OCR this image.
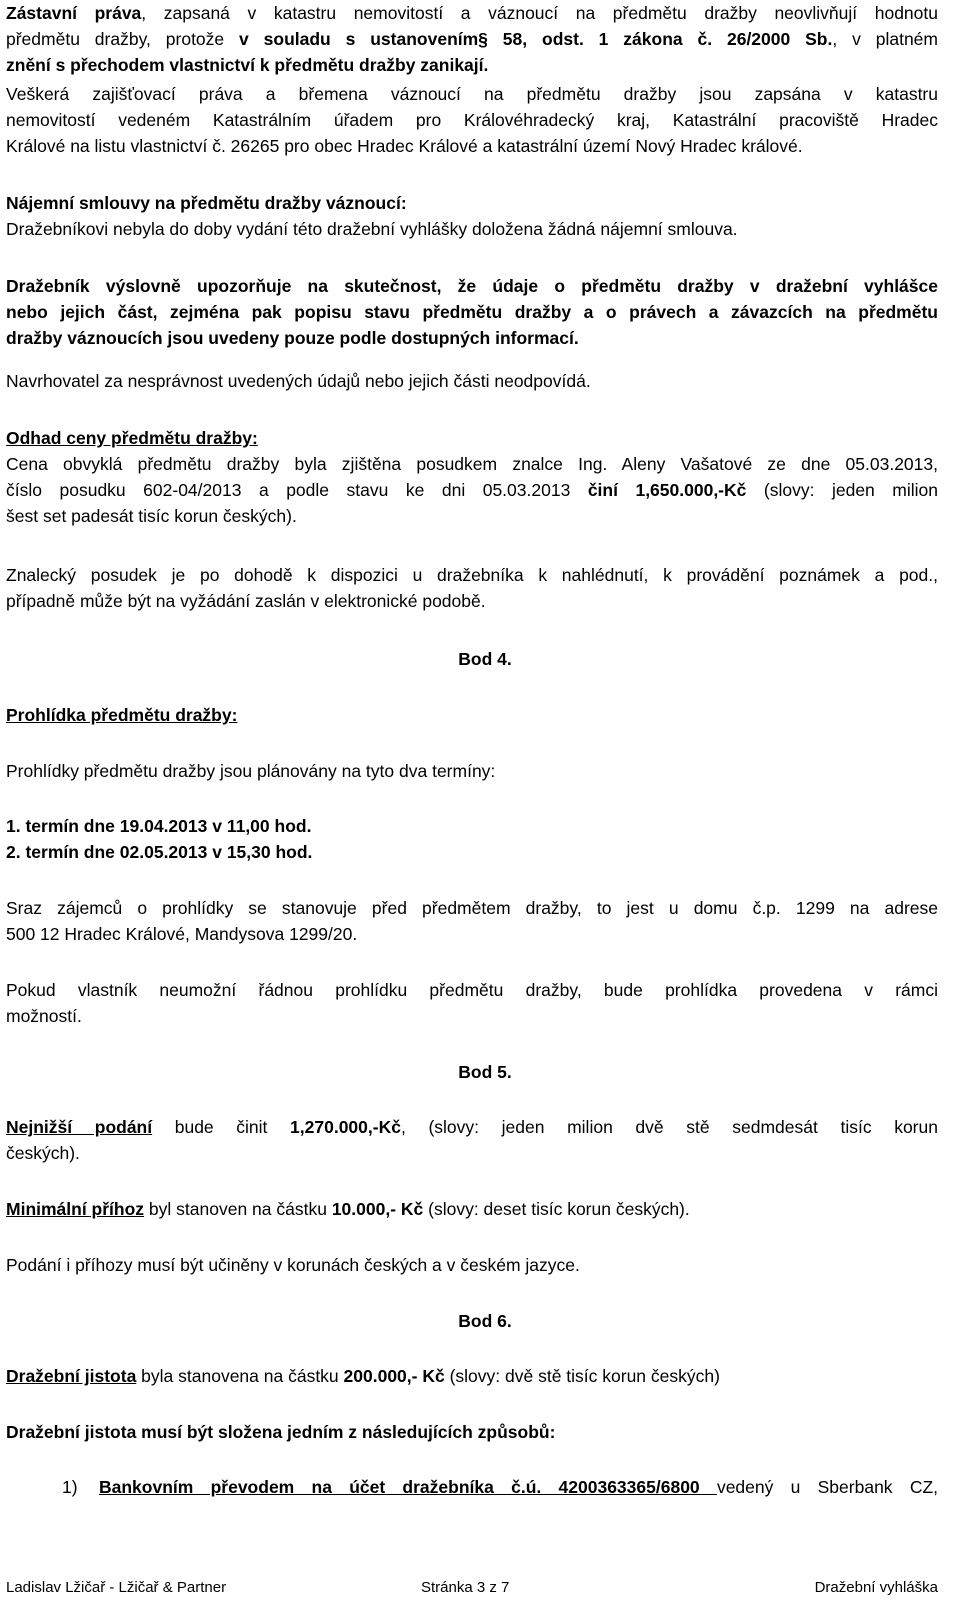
Zástavní práva, zapsaná v katastru nemovitostí a váznoucí na předmětu dražby neovlivňují hodnotu
předmětu dražby, protože v souladu s ustanovením§ 58, odst. 1 zákona č. 26/2000 Sb., v platném
znění s přechodem vlastnictví k předmětu dražby zanikají.
Veškerá zajišťovací práva a břemena váznoucí na předmětu dražby jsou zapsána v katastru
nemovitostí vedeném Katastrálním úřadem pro Královéhradecký kraj, Katastrální pracoviště Hradec
Králové na listu vlastnictví č. 26265 pro obec Hradec Králové a katastrální území Nový Hradec králové.
Nájemní smlouvy na předmětu dražby váznoucí:
Dražebníkovi nebyla do doby vydání této dražební vyhlášky doložena žádná nájemní smlouva.
Dražebník výslovně upozorňuje na skutečnost, že údaje o předmětu dražby v dražební vyhlášce
nebo jejich část, zejména pak popisu stavu předmětu dražby a o právech a závazcích na předmětu
dražby váznoucích jsou uvedeny pouze podle dostupných informací.
Navrhovatel za nesprávnost uvedených údajů nebo jejich části neodpovídá.
Odhad ceny předmětu dražby:
Cena obvyklá předmětu dražby byla zjištěna posudkem znalce Ing. Aleny Vašatové ze dne 05.03.2013,
číslo posudku 602-04/2013 a podle stavu ke dni 05.03.2013 činí 1,650.000,-Kč (slovy: jeden milion
šest set padesát tisíc korun českých).
Znalecký posudek je po dohodě k dispozici u dražebníka k nahlédnutí, k provádění poznámek a pod.,
případně může být na vyžádání zaslán v elektronické podobě.
Bod 4.
Prohlídka předmětu dražby:
Prohlídky předmětu dražby jsou plánovány na tyto dva termíny:
1. termín dne 19.04.2013 v 11,00 hod.
2. termín dne 02.05.2013 v 15,30 hod.
Sraz zájemců o prohlídky se stanovuje před předmětem dražby, to jest u domu č.p. 1299 na adrese
500 12 Hradec Králové, Mandysova 1299/20.
Pokud vlastník neumožní řádnou prohlídku předmětu dražby, bude prohlídka provedena v rámci
možností.
Bod 5.
Nejnižší podání bude činit 1,270.000,-Kč, (slovy: jeden milion dvě stě sedmdesát tisíc korun
českých).
Minimální příhoz byl stanoven na částku 10.000,- Kč (slovy: deset tisíc korun českých).
Podání i příhozy musí být učiněny v korunách českých a v českém jazyce.
Bod 6.
Dražební jistota byla stanovena na částku 200.000,- Kč (slovy: dvě stě tisíc korun českých)
Dražební jistota musí být složena jedním z následujících způsobů:
1) Bankovním převodem na účet dražebníka č.ú. 4200363365/6800 vedený u Sberbank CZ,
Ladislav Lžičař - Lžičař & Partner	Stránka 3 z 7	Dražební vyhláška
